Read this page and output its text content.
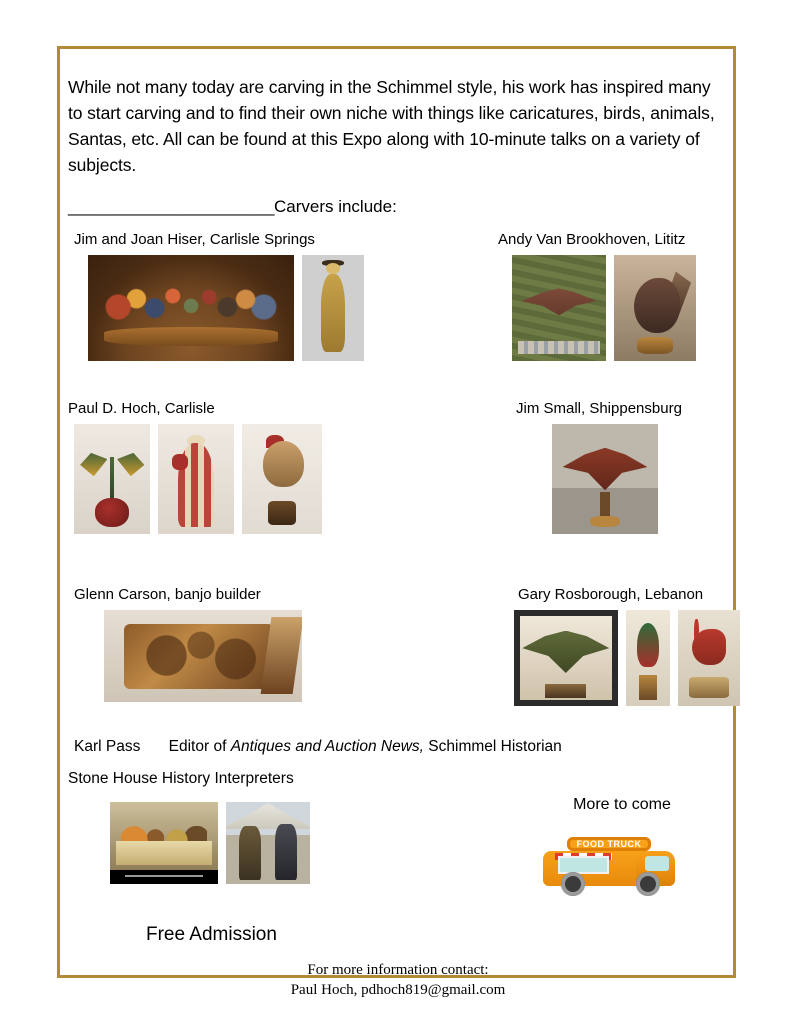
While not many today are carving in the Schimmel style, his work has inspired many to start carving and to find their own niche with things like caricatures, birds, animals, Santas, etc. All can be found at this Expo along with 10-minute talks on a variety of subjects.

_______________________Carvers include:
Jim and Joan Hiser, Carlisle Springs	Andy Van Brookhoven, Lititz
Paul D. Hoch, Carlisle	Jim Small, Shippensburg
Glenn Carson, banjo builder	Gary Rosborough, Lebanon
Karl Pass Editor of Antiques and Auction News, Schimmel Historian
Stone House History Interpreters
More to come
FOOD TRUCK
Free Admission
For more information contact:
Paul Hoch, pdhoch819@gmail.com
